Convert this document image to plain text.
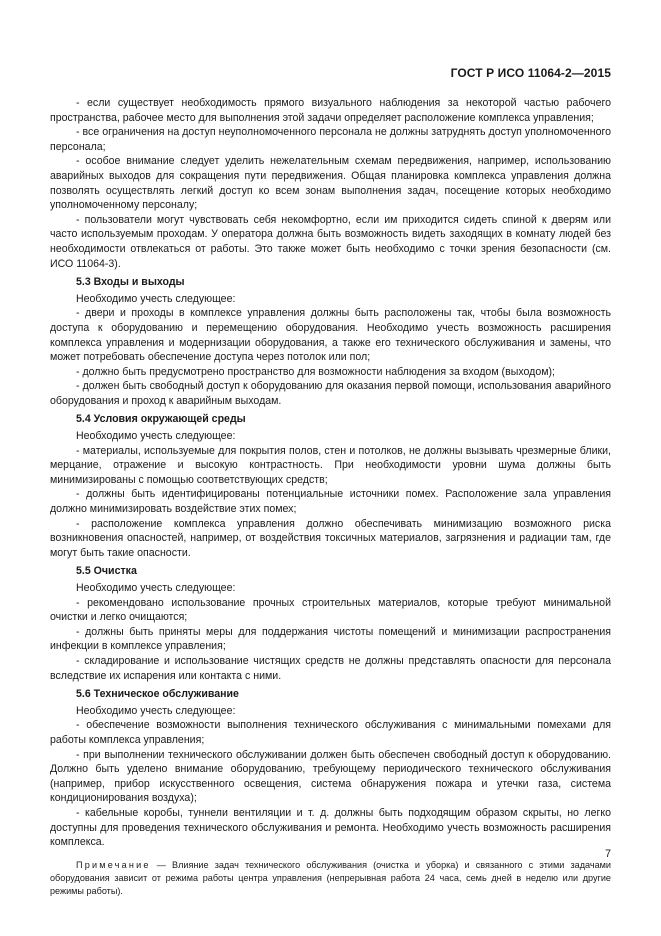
ГОСТ Р ИСО 11064-2—2015

- если существует необходимость прямого визуального наблюдения за некоторой частью рабочего пространства, рабочее место для выполнения этой задачи определяет расположение комплекса управления;

- все ограничения на доступ неуполномоченного персонала не должны затруднять доступ уполномоченного персонала;

- особое внимание следует уделить нежелательным схемам передвижения, например, использованию аварийных выходов для сокращения пути передвижения. Общая планировка комплекса управления должна позволять осуществлять легкий доступ ко всем зонам выполнения задач, посещение которых необходимо уполномоченному персоналу;

- пользователи могут чувствовать себя некомфортно, если им приходится сидеть спиной к дверям или часто используемым проходам. У оператора должна быть возможность видеть заходящих в комнату людей без необходимости отвлекаться от работы. Это также может быть необходимо с точки зрения безопасности (см. ИСО 11064-3).

5.3 Входы и выходы

Необходимо учесть следующее:

- двери и проходы в комплексе управления должны быть расположены так, чтобы была возможность доступа к оборудованию и перемещению оборудования. Необходимо учесть возможность расширения комплекса управления и модернизации оборудования, а также его технического обслуживания и замены, что может потребовать обеспечение доступа через потолок или пол;

- должно быть предусмотрено пространство для возможности наблюдения за входом (выходом);

- должен быть свободный доступ к оборудованию для оказания первой помощи, использования аварийного оборудования и проход к аварийным выходам.

5.4 Условия окружающей среды

Необходимо учесть следующее:

- материалы, используемые для покрытия полов, стен и потолков, не должны вызывать чрезмерные блики, мерцание, отражение и высокую контрастность. При необходимости уровни шума должны быть минимизированы с помощью соответствующих средств;

- должны быть идентифицированы потенциальные источники помех. Расположение зала управления должно минимизировать воздействие этих помех;

- расположение комплекса управления должно обеспечивать минимизацию возможного риска возникновения опасностей, например, от воздействия токсичных материалов, загрязнения и радиации там, где могут быть такие опасности.

5.5 Очистка

Необходимо учесть следующее:

- рекомендовано использование прочных строительных материалов, которые требуют минимальной очистки и легко очищаются;

- должны быть приняты меры для поддержания чистоты помещений и минимизации распространения инфекции в комплексе управления;

- складирование и использование чистящих средств не должны представлять опасности для персонала вследствие их испарения или контакта с ними.

5.6 Техническое обслуживание

Необходимо учесть следующее:

- обеспечение возможности выполнения технического обслуживания с минимальными помехами для работы комплекса управления;

- при выполнении технического обслуживании должен быть обеспечен свободный доступ к оборудованию. Должно быть уделено внимание оборудованию, требующему периодического технического обслуживания (например, прибор искусственного освещения, система обнаружения пожара и утечки газа, система кондиционирования воздуха);

- кабельные коробы, туннели вентиляции и т. д. должны быть подходящим образом скрыты, но легко доступны для проведения технического обслуживания и ремонта. Необходимо учесть возможность расширения комплекса.

Примечание — Влияние задач технического обслуживания (очистка и уборка) и связанного с этими задачами оборудования зависит от режима работы центра управления (непрерывная работа 24 часа, семь дней в неделю или другие режимы работы).
7
